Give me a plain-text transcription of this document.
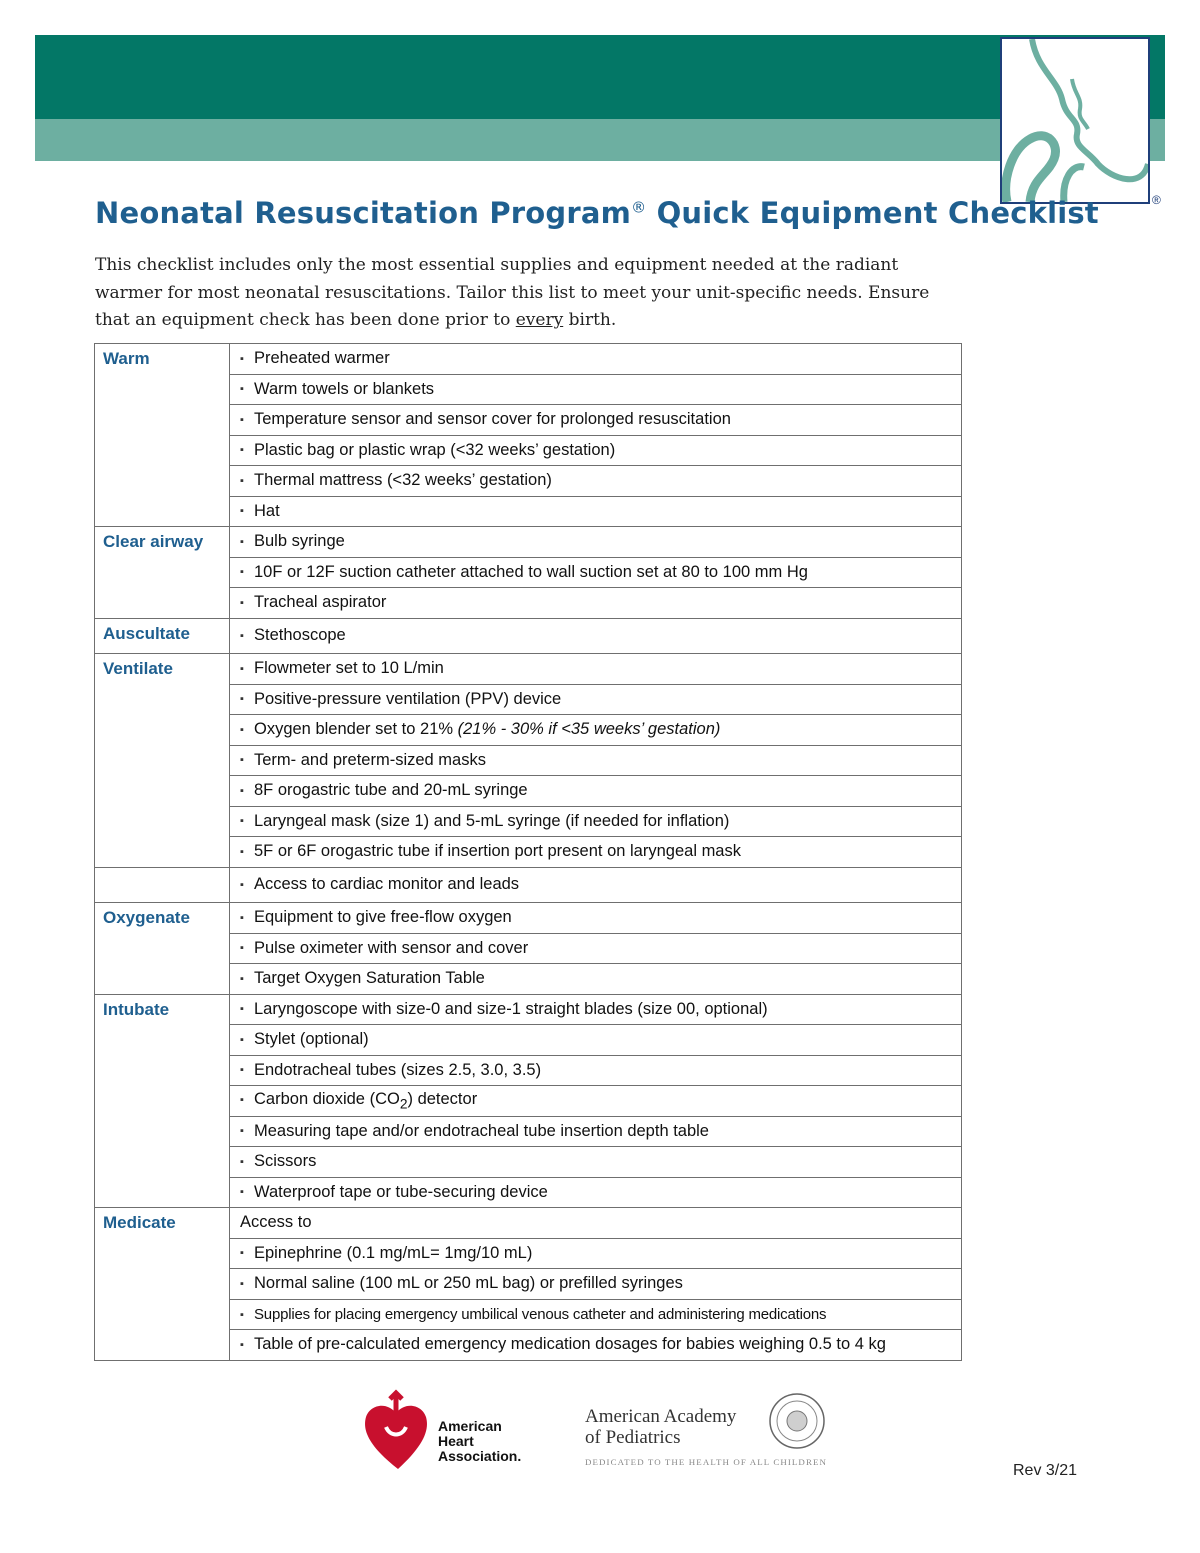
®
Neonatal Resuscitation Program® Quick Equipment Checklist

This checklist includes only the most essential supplies and equipment needed at the radiant warmer for most neonatal resuscitations. Tailor this list to meet your unit-specific needs. Ensure that an equipment check has been done prior to every birth.

Warm	▪ Preheated warmer
	▪ Warm towels or blankets
	▪ Temperature sensor and sensor cover for prolonged resuscitation
	▪ Plastic bag or plastic wrap (<32 weeks’ gestation)
	▪ Thermal mattress (<32 weeks’ gestation)
	▪ Hat
Clear airway	▪ Bulb syringe
	▪ 10F or 12F suction catheter attached to wall suction set at 80 to 100 mm Hg
	▪ Tracheal aspirator
Auscultate	▪ Stethoscope
Ventilate	▪ Flowmeter set to 10 L/min
	▪ Positive-pressure ventilation (PPV) device
	▪ Oxygen blender set to 21% (21% - 30% if <35 weeks’ gestation)
	▪ Term- and preterm-sized masks
	▪ 8F orogastric tube and 20-mL syringe
	▪ Laryngeal mask (size 1) and 5-mL syringe (if needed for inflation)
	▪ 5F or 6F orogastric tube if insertion port present on laryngeal mask
	▪ Access to cardiac monitor and leads
Oxygenate	▪ Equipment to give free-flow oxygen
	▪ Pulse oximeter with sensor and cover
	▪ Target Oxygen Saturation Table
Intubate	▪ Laryngoscope with size-0 and size-1 straight blades (size 00, optional)
	▪ Stylet (optional)
	▪ Endotracheal tubes (sizes 2.5, 3.0, 3.5)
	▪ Carbon dioxide $(CO_2)$ detector
	▪ Measuring tape and/or endotracheal tube insertion depth table
	▪ Scissors
	▪ Waterproof tape or tube-securing device
Medicate	Access to
	▪ Epinephrine (0.1 mg/mL= 1mg/10 mL)
	▪ Normal saline (100 mL or 250 mL bag) or prefilled syringes
	▪ Supplies for placing emergency umbilical venous catheter and administering medications
	▪ Table of pre-calculated emergency medication dosages for babies weighing 0.5 to 4 kg
American
Heart
Association.
American Academy
of Pediatrics
DEDICATED TO THE HEALTH OF ALL CHILDREN	Rev 3/21
